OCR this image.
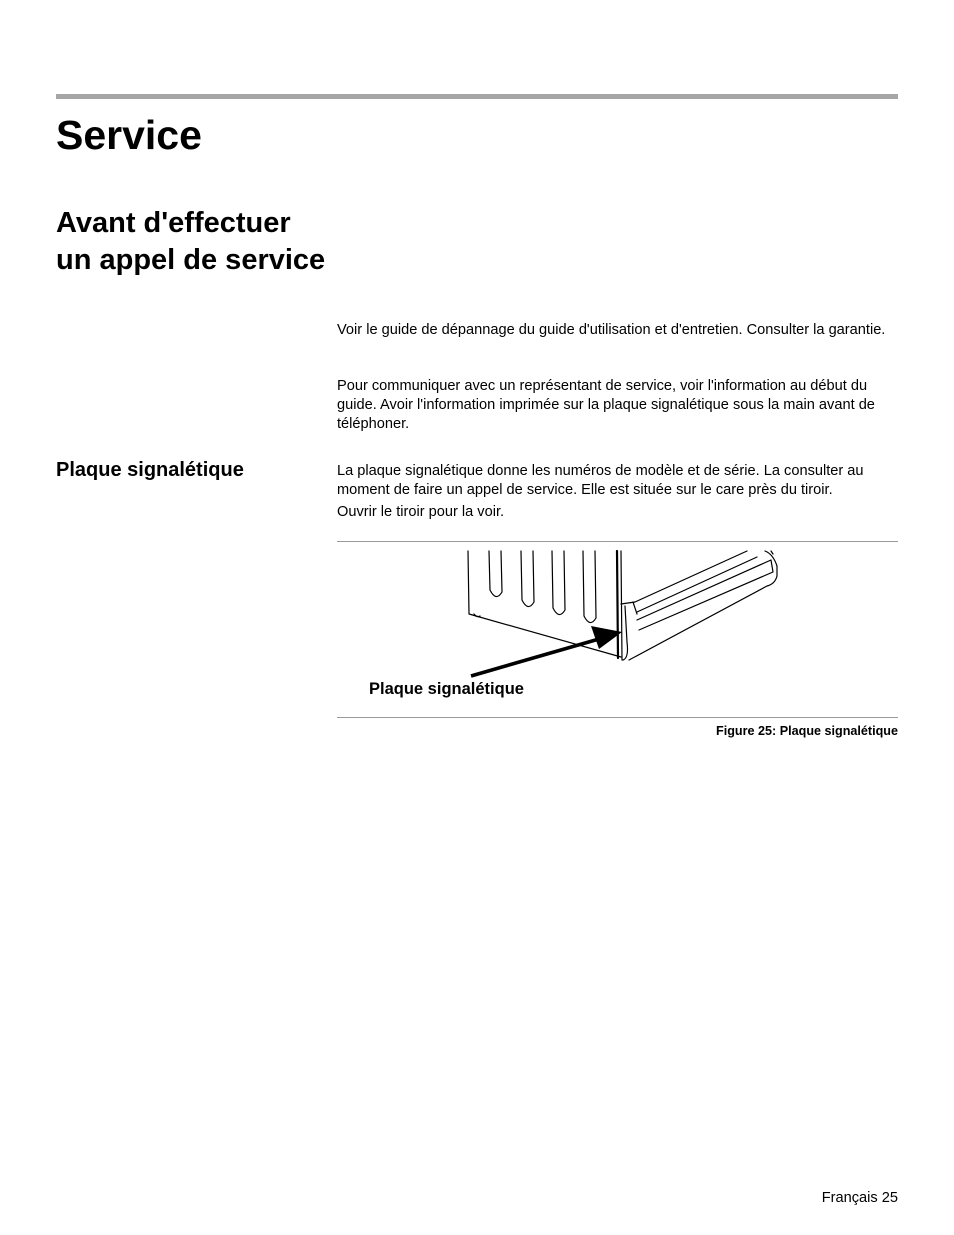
Service
Avant d'effectuer
un appel de service

Voir le guide de dépannage du guide d'utilisation et d'entretien. Consulter la garantie.

Pour communiquer avec un représentant de service, voir l'information au début du guide. Avoir l'information imprimée sur la plaque signalétique sous la main avant de téléphoner.

Plaque signalétique	La plaque signalétique donne les numéros de modèle et de série. La consulter au moment de faire un appel de service. Elle est située sur le care près du tiroir.

Ouvrir le tiroir pour la voir.

Plaque signalétique
Figure 25: Plaque signalétique
Français 25
